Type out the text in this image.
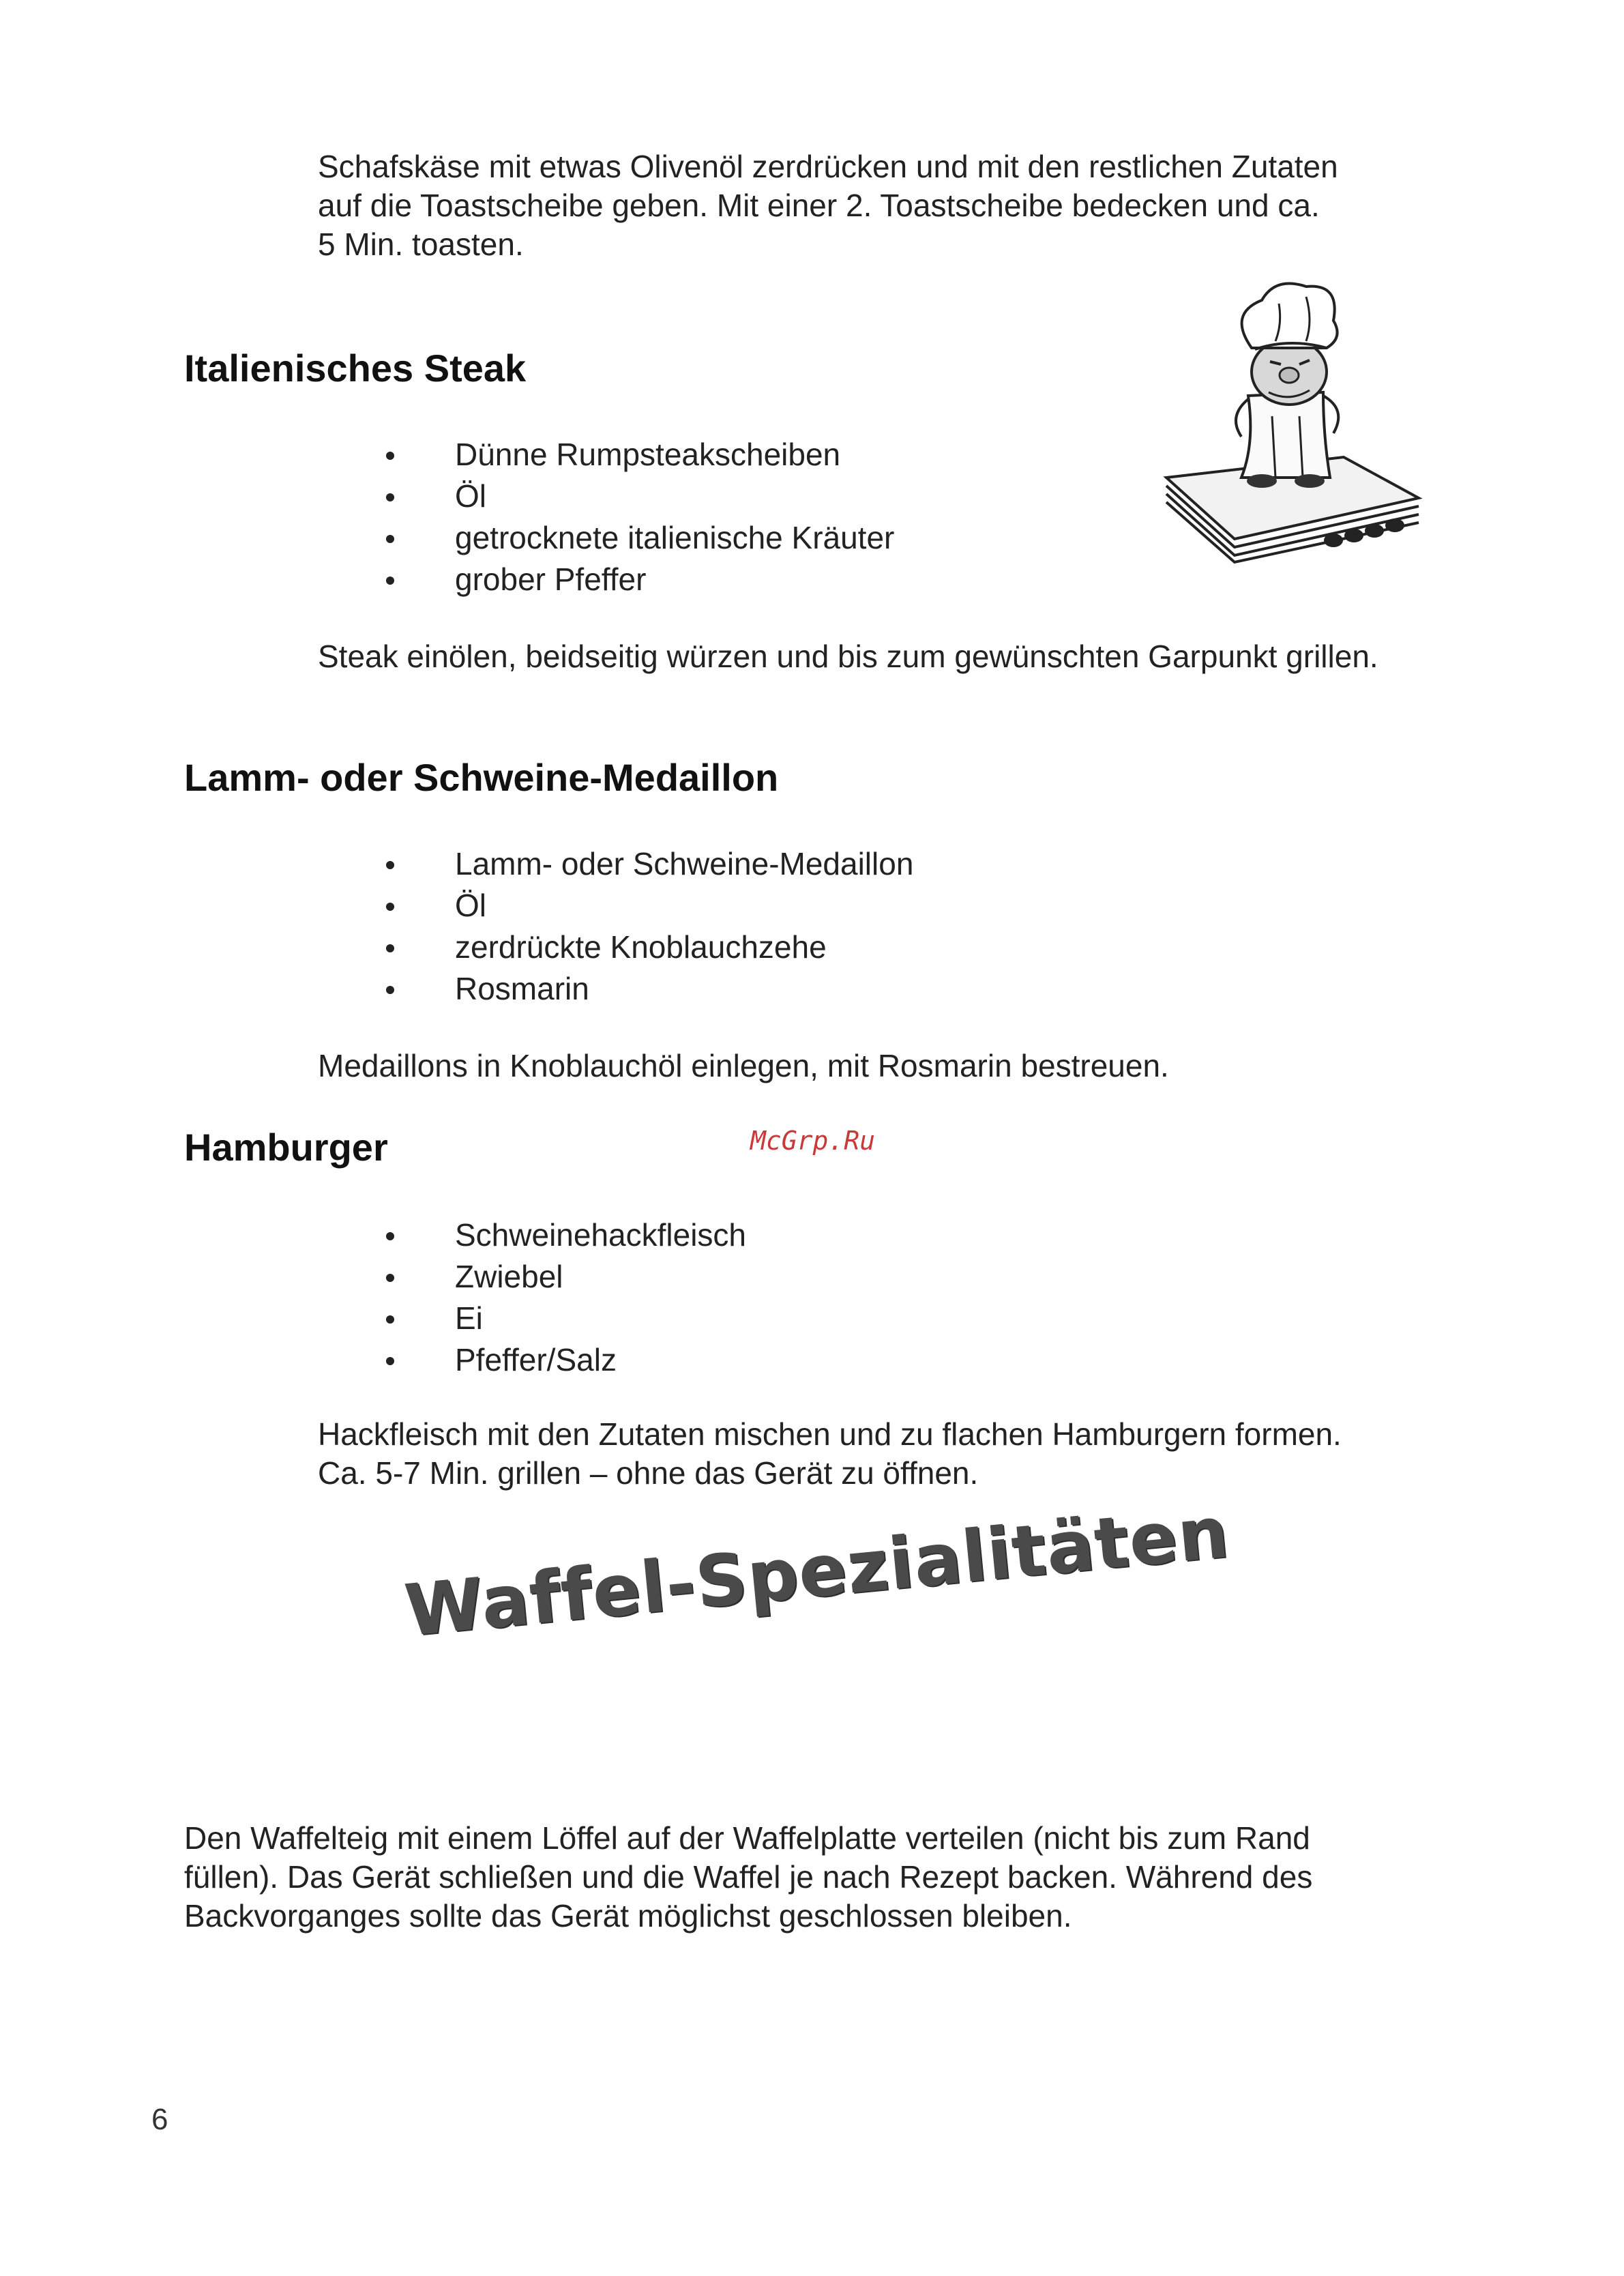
Schafskäse mit etwas Olivenöl zerdrücken und mit den restlichen Zutaten
auf die Toastscheibe geben. Mit einer 2. Toastscheibe bedecken und ca.
5 Min. toasten.
Italienisches Steak
Dünne Rumpsteakscheiben
Öl
getrocknete italienische Kräuter
grober Pfeffer
Steak einölen, beidseitig würzen und bis zum gewünschten Garpunkt grillen.
Lamm- oder Schweine-Medaillon
Lamm- oder Schweine-Medaillon
Öl
zerdrückte Knoblauchzehe
Rosmarin
Medaillons in Knoblauchöl einlegen, mit Rosmarin bestreuen.
Hamburger	McGrp.Ru
Schweinehackfleisch
Zwiebel
Ei
Pfeffer/Salz
Hackfleisch mit den Zutaten mischen und zu flachen Hamburgern formen.
Ca. 5-7 Min. grillen – ohne das Gerät zu öffnen.
Waffel-Spezialitäten
Den Waffelteig mit einem Löffel auf der Waffelplatte verteilen (nicht bis zum Rand
füllen). Das Gerät schließen und die Waffel je nach Rezept backen. Während des
Backvorganges sollte das Gerät möglichst geschlossen bleiben.
6
